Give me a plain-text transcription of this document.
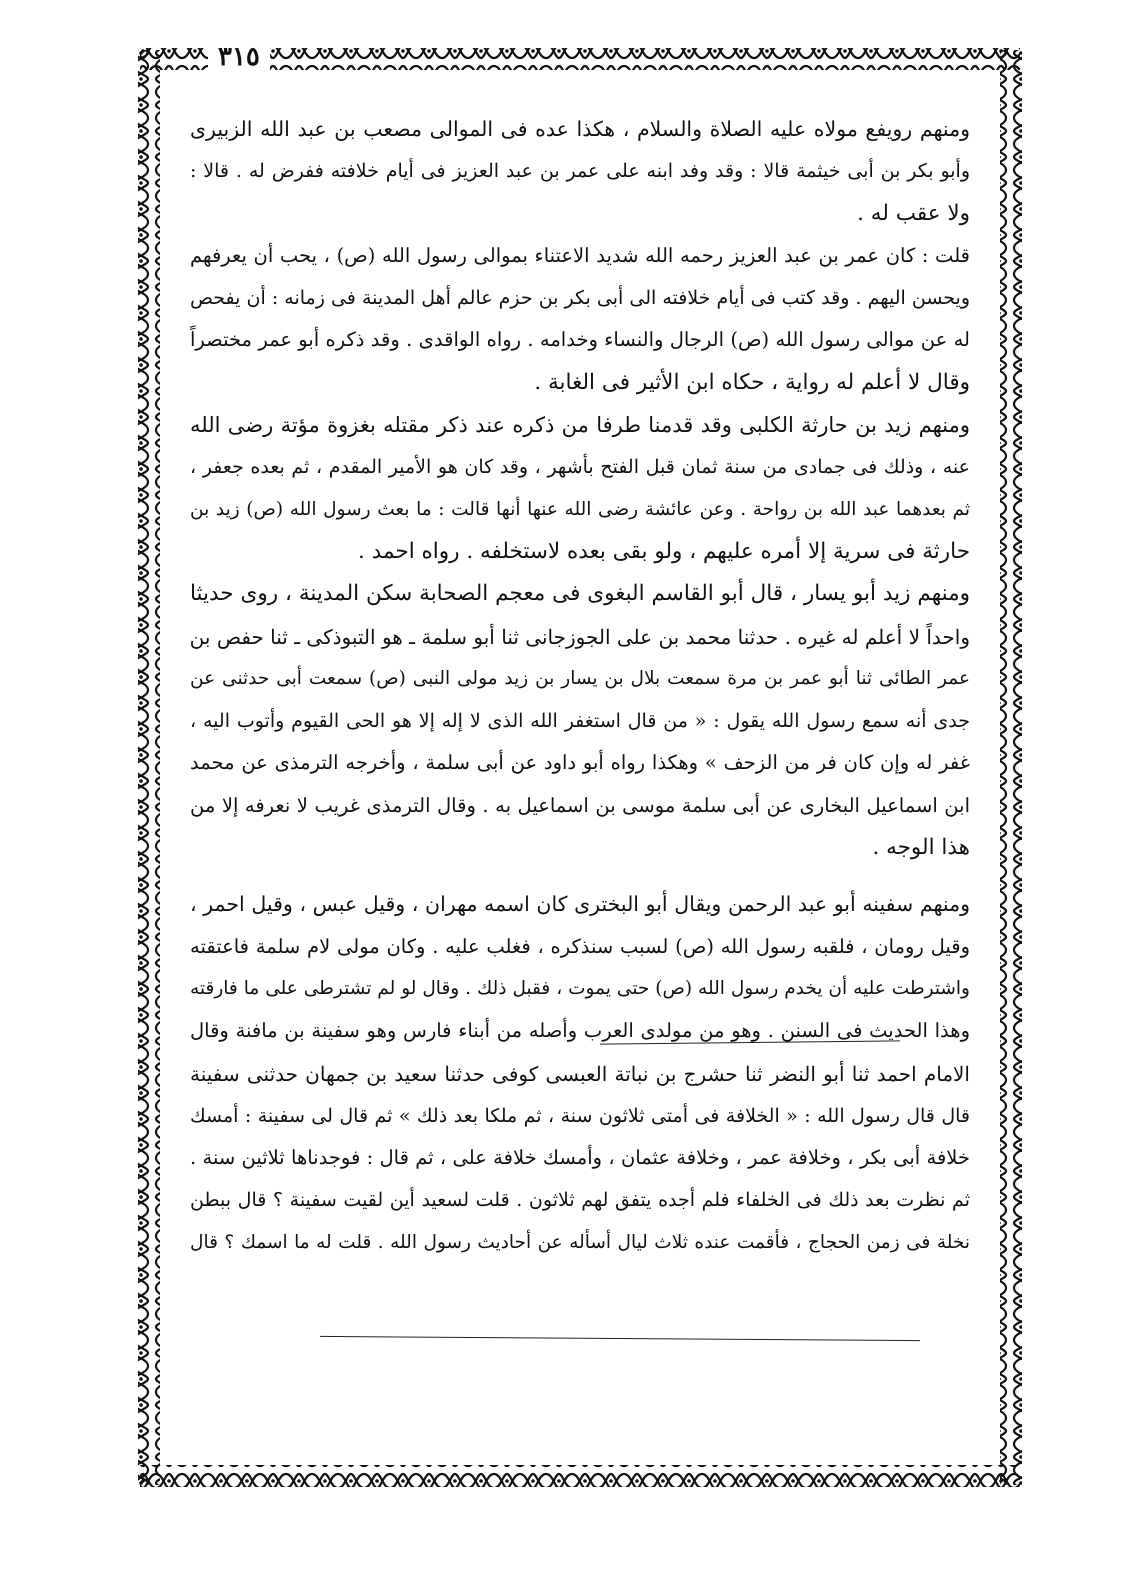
٣١٥

ومنهم رويفع مولاه عليه الصلاة والسلام ، هكذا عده فى الموالى مصعب بن عبد الله الزبيرى
وأبو بكر بن أبى خيثمة قالا : وقد وفد ابنه على عمر بن عبد العزيز فى أيام خلافته ففرض له . قالا :
ولا عقب له .

قلت : كان عمر بن عبد العزيز رحمه الله شديد الاعتناء بموالى رسول الله (ص) ، يحب أن يعرفهم
ويحسن اليهم . وقد كتب فى أيام خلافته الى أبى بكر بن حزم عالم أهل المدينة فى زمانه : أن يفحص
له عن موالى رسول الله (ص) الرجال والنساء وخدامه . رواه الواقدى . وقد ذكره أبو عمر مختصراً
وقال لا أعلم له رواية ، حكاه ابن الأثير فى الغابة .

ومنهم زيد بن حارثة الكلبى وقد قدمنا طرفا من ذكره عند ذكر مقتله بغزوة مؤتة رضى الله
عنه ، وذلك فى جمادى من سنة ثمان قبل الفتح بأشهر ، وقد كان هو الأمير المقدم ، ثم بعده جعفر ،
ثم بعدهما عبد الله بن رواحة . وعن عائشة رضى الله عنها أنها قالت : ما بعث رسول الله (ص) زيد بن
حارثة فى سرية إلا أمره عليهم ، ولو بقى بعده لاستخلفه . رواه احمد .

ومنهم زيد أبو يسار ، قال أبو القاسم البغوى فى معجم الصحابة سكن المدينة ، روى حديثا
واحداً لا أعلم له غيره . حدثنا محمد بن على الجوزجانى ثنا أبو سلمة ـ هو التبوذكى ـ ثنا حفص بن
عمر الطائى ثنا أبو عمر بن مرة سمعت بلال بن يسار بن زيد مولى النبى (ص) سمعت أبى حدثنى عن
جدى أنه سمع رسول الله يقول : « من قال استغفر الله الذى لا إله إلا هو الحى القيوم وأتوب اليه ،
غفر له وإن كان فر من الزحف » وهكذا رواه أبو داود عن أبى سلمة ، وأخرجه الترمذى عن محمد
ابن اسماعيل البخارى عن أبى سلمة موسى بن اسماعيل به . وقال الترمذى غريب لا نعرفه إلا من
هذا الوجه .

ومنهم سفينه أبو عبد الرحمن ويقال أبو البخترى كان اسمه مهران ، وقيل عبس ، وقيل احمر ،
وقيل رومان ، فلقبه رسول الله (ص) لسبب سنذكره ، فغلب عليه . وكان مولى لام سلمة فاعتقته
واشترطت عليه أن يخدم رسول الله (ص) حتى يموت ، فقبل ذلك . وقال لو لم تشترطى على ما فارقته
وهذا الحديث فى السنن . وهو من مولدى العرب وأصله من أبناء فارس وهو سفينة بن مافنة وقال
الامام احمد ثنا أبو النضر ثنا حشرج بن نباتة العبسى كوفى حدثنا سعيد بن جمهان حدثنى سفينة
قال قال رسول الله : « الخلافة فى أمتى ثلاثون سنة ، ثم ملكا بعد ذلك » ثم قال لى سفينة : أمسك
خلافة أبى بكر ، وخلافة عمر ، وخلافة عثمان ، وأمسك خلافة على ، ثم قال : فوجدناها ثلاثين سنة .
ثم نظرت بعد ذلك فى الخلفاء فلم أجده يتفق لهم ثلاثون . قلت لسعيد أين لقيت سفينة ؟ قال ببطن
نخلة فى زمن الحجاج ، فأقمت عنده ثلاث ليال أسأله عن أحاديث رسول الله . قلت له ما اسمك ؟ قال
